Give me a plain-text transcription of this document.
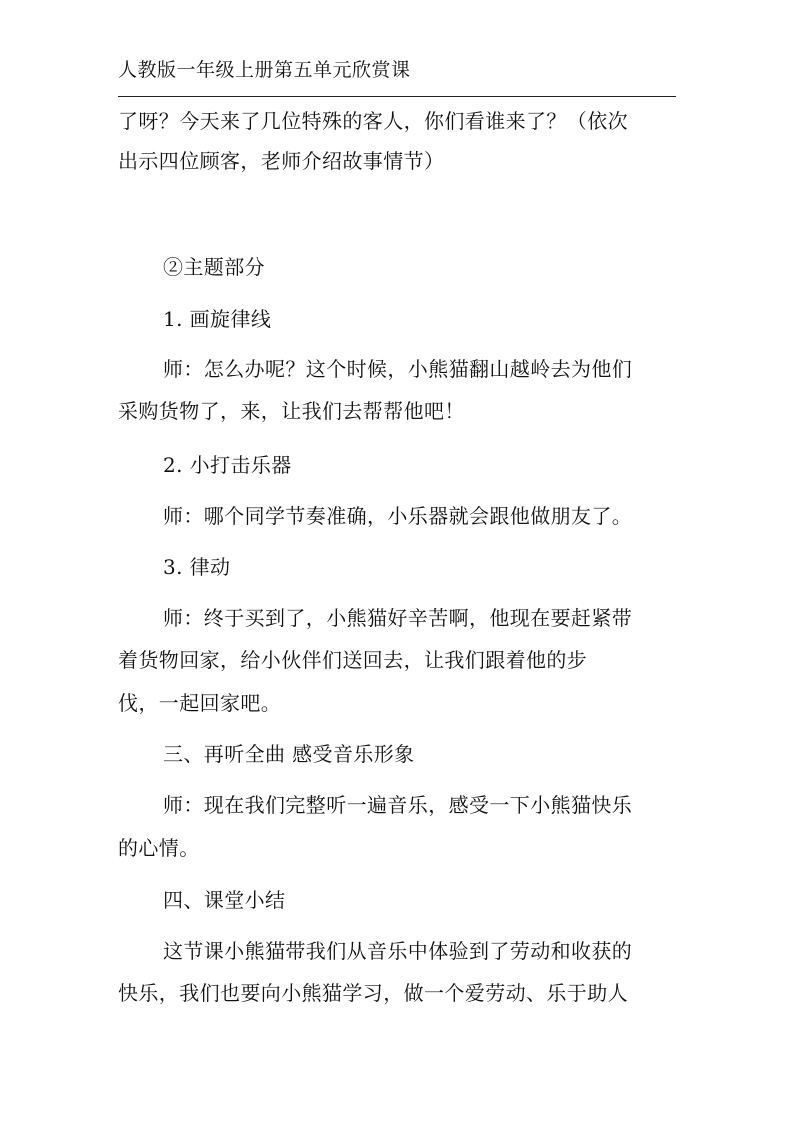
人教版一年级上册第五单元欣赏课
了呀？今天来了几位特殊的客人，你们看谁来了？（依次
出示四位顾客，老师介绍故事情节）
②主题部分
1. 画旋律线
师：怎么办呢？这个时候，小熊猫翻山越岭去为他们
采购货物了，来，让我们去帮帮他吧！
2. 小打击乐器
师：哪个同学节奏准确，小乐器就会跟他做朋友了。
3. 律动
师：终于买到了，小熊猫好辛苦啊，他现在要赶紧带
着货物回家，给小伙伴们送回去，让我们跟着他的步
伐，一起回家吧。
三、再听全曲 感受音乐形象
师：现在我们完整听一遍音乐，感受一下小熊猫快乐
的心情。
四、课堂小结
这节课小熊猫带我们从音乐中体验到了劳动和收获的
快乐，我们也要向小熊猫学习，做一个爱劳动、乐于助人
